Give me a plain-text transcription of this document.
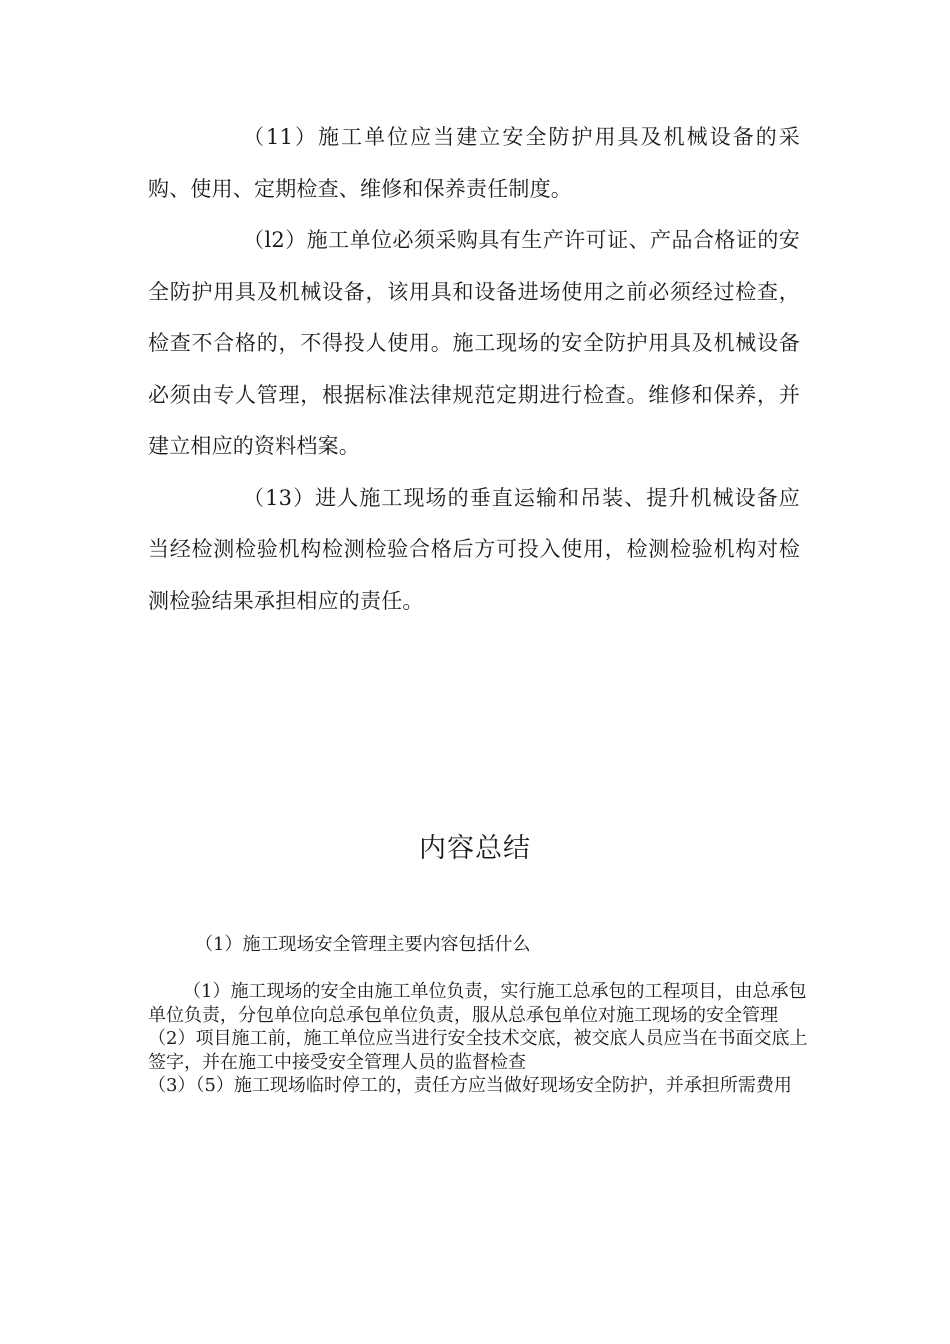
（11）施工单位应当建立安全防护用具及机械设备的采购、使用、定期检查、维修和保养责任制度。

（l2）施工单位必须采购具有生产许可证、产品合格证的安全防护用具及机械设备，该用具和设备进场使用之前必须经过检查，检查不合格的，不得投人使用。施工现场的安全防护用具及机械设备必须由专人管理，根据标准法律规范定期进行检查。维修和保养，并建立相应的资料档案。

（13）进人施工现场的垂直运输和吊装、提升机械设备应当经检测检验机构检测检验合格后方可投入使用，检测检验机构对检测检验结果承担相应的责任。

内容总结

（1）施工现场安全管理主要内容包括什么

（1）施工现场的安全由施工单位负责，实行施工总承包的工程项目，由总承包单位负责，分包单位向总承包单位负责，服从总承包单位对施工现场的安全管理

（2）项目施工前，施工单位应当进行安全技术交底，被交底人员应当在书面交底上签字，并在施工中接受安全管理人员的监督检查

（3）（5）施工现场临时停工的，责任方应当做好现场安全防护，并承担所需费用
